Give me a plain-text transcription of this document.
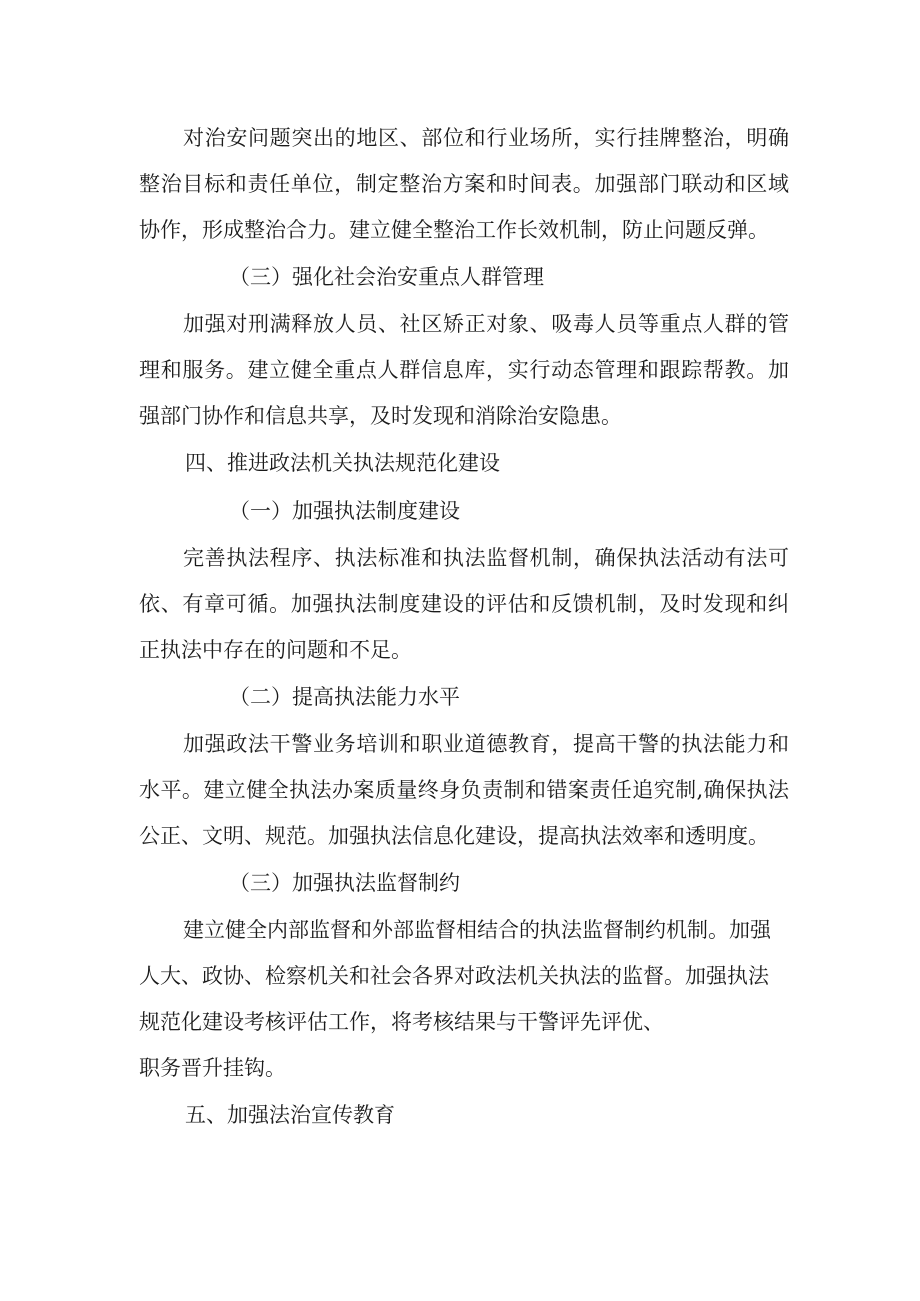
对治安问题突出的地区、部位和行业场所，实行挂牌整治，明确整治目标和责任单位，制定整治方案和时间表。加强部门联动和区域协作，形成整治合力。建立健全整治工作长效机制，防止问题反弹。

（三）强化社会治安重点人群管理

加强对刑满释放人员、社区矫正对象、吸毒人员等重点人群的管理和服务。建立健全重点人群信息库，实行动态管理和跟踪帮教。加强部门协作和信息共享，及时发现和消除治安隐患。

四、推进政法机关执法规范化建设

（一）加强执法制度建设

完善执法程序、执法标准和执法监督机制，确保执法活动有法可依、有章可循。加强执法制度建设的评估和反馈机制，及时发现和纠正执法中存在的问题和不足。

（二）提高执法能力水平

加强政法干警业务培训和职业道德教育，提高干警的执法能力和水平。建立健全执法办案质量终身负责制和错案责任追究制,确保执法公正、文明、规范。加强执法信息化建设，提高执法效率和透明度。

（三）加强执法监督制约

建立健全内部监督和外部监督相结合的执法监督制约机制。加强人大、政协、检察机关和社会各界对政法机关执法的监督。加强执法规范化建设考核评估工作，将考核结果与干警评先评优、

职务晋升挂钩。

五、加强法治宣传教育
